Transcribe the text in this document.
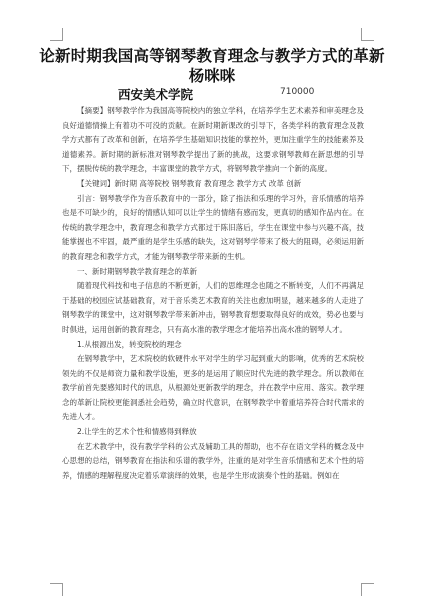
论新时期我国高等钢琴教育理念与教学方式的革新
杨咪咪
西安美术学院	710000

【摘要】钢琴教学作为我国高等院校内的独立学科，在培养学生艺术素养和审美理念及良好道德情操上有着功不可没的贡献。在新时期新课改的引导下，各类学科的教育理念及教学方式都有了改革和创新，在培养学生基础知识技能的掌控外，更加注重学生的技能素养及道德素养。新时期的新标准对钢琴教学提出了新的挑战，这要求钢琴教师在新思想的引导下，摆脱传统的教学理念，丰富课堂的教学方式，将钢琴教学推向一个新的高度。

【关键词】新时期 高等院校 钢琴教育 教育理念 教学方式 改革 创新

引言：钢琴教学作为音乐教育中的一部分，除了指法和乐理的学习外，音乐情感的培养也是不可缺少的，良好的情感认知可以让学生的情绪有感而发，更真切的感知作品内在。在传统的教学理念中，教育理念和教学方式都过于陈旧落后，学生在课堂中参与兴趣不高，技能掌握也不牢固，最严重的是学生乐感的缺失，这对钢琴学带来了极大的阻碍，必须运用新的教育理念和教学方式，才能为钢琴教学带来新的生机。

一、新时期钢琴教学教育理念的革新

随着现代科技和电子信息的不断更新，人们的思维理念也随之不断转变，人们不再满足于基础的校园应试基础教育，对于音乐类艺术教育的关注也愈加明显，越来越多的人走进了钢琴教学的课堂中，这对钢琴教学带来新冲击，钢琴教育想要取得良好的成效，势必也要与时俱进，运用创新的教育理念，只有高水准的教学理念才能培养出高水准的钢琴人才。

1.从根源出发，转变院校的理念

在钢琴教学中，艺术院校的软硬件水平对学生的学习起到重大的影响，优秀的艺术院校领先的不仅是师资力量和教学设施，更多的是运用了顺应时代先进的教学理念。所以教师在教学前首先要感知时代的讯息，从根源处更新教学的理念，并在教学中应用、落实。教学理念的革新让院校更能洞悉社会趋势，确立时代意识，在钢琴教学中着重培养符合时代需求的先进人才。

2.让学生的艺术个性和情感得到释放

在艺术教学中，没有教学学科的公式及辅助工具的帮助，也不存在语文学科的概念及中心思想的总结，钢琴教育在指法和乐谱的教学外，注重的是对学生音乐情感和艺术个性的培养，情感的理解程度决定着乐章演绎的效果，也是学生形成演奏个性的基础。例如在
